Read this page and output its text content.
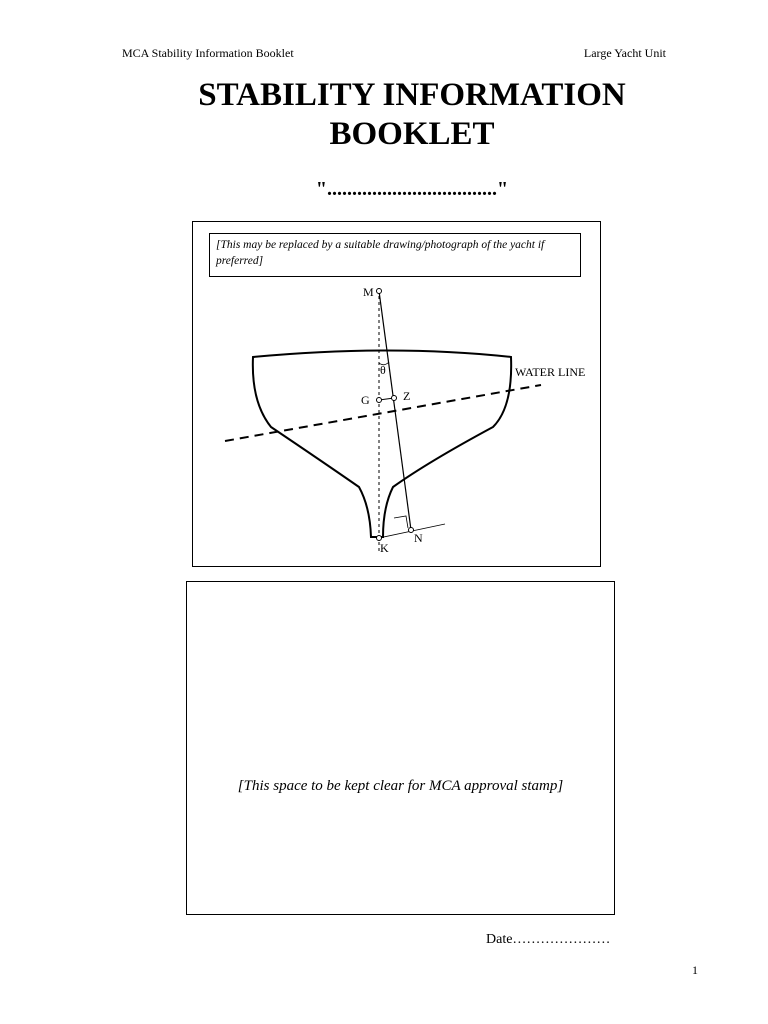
MCA Stability Information Booklet	Large Yacht Unit
STABILITY INFORMATION
BOOKLET
".................................."
M
θ
G	Z
K
N
WATER LINE
[This may be replaced by a suitable drawing/photograph of the yacht if preferred]
[This space to be kept clear for MCA approval stamp]
Date…………………
1
